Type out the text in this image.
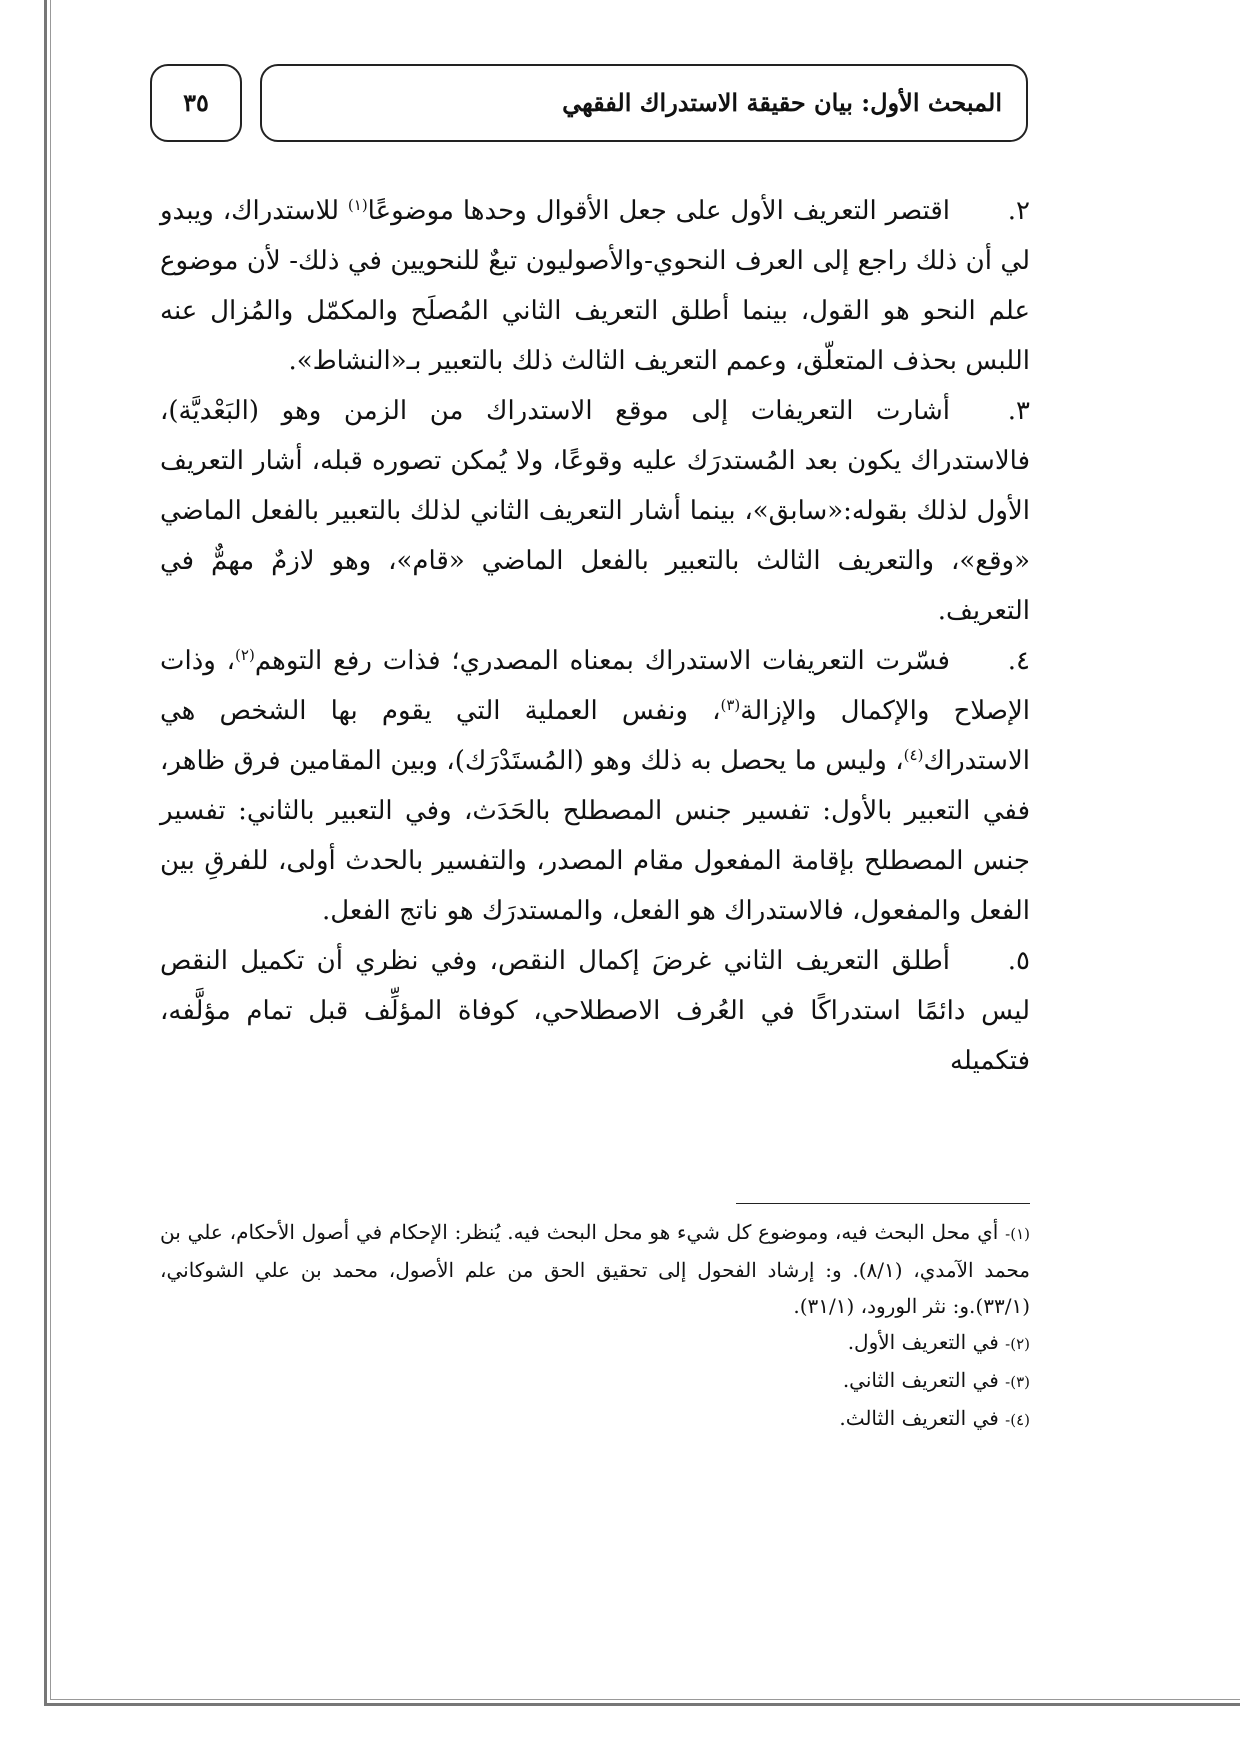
المبحث الأول: بيان حقيقة الاستدراك الفقهي
٣٥

٢.اقتصر التعريف الأول على جعل الأقوال وحدها موضوعًا$^{(١)}$ للاستدراك، ويبدو لي أن ذلك راجع إلى العرف النحوي-والأصوليون تبعٌ للنحويين في ذلك- لأن موضوع علم النحو هو القول، بينما أطلق التعريف الثاني المُصلَح والمكمّل والمُزال عنه اللبس بحذف المتعلّق، وعمم التعريف الثالث ذلك بالتعبير بـ«النشاط».

٣.أشارت التعريفات إلى موقع الاستدراك من الزمن وهو (البَعْديَّة)، فالاستدراك يكون بعد المُستدرَك عليه وقوعًا، ولا يُمكن تصوره قبله، أشار التعريف الأول لذلك بقوله:«سابق»، بينما أشار التعريف الثاني لذلك بالتعبير بالفعل الماضي «وقع»، والتعريف الثالث بالتعبير بالفعل الماضي «قام»، وهو لازمٌ مهمٌّ في التعريف.

٤.فسّرت التعريفات الاستدراك بمعناه المصدري؛ فذات رفع التوهم$^{(٢)}$، وذات الإصلاح والإكمال والإزالة$^{(٣)}$، ونفس العملية التي يقوم بها الشخص هي الاستدراك$^{(٤)}$، وليس ما يحصل به ذلك وهو (المُستَدْرَك)، وبين المقامين فرق ظاهر، ففي التعبير بالأول: تفسير جنس المصطلح بالحَدَث، وفي التعبير بالثاني: تفسير جنس المصطلح بإقامة المفعول مقام المصدر، والتفسير بالحدث أولى، للفرقِ بين الفعل والمفعول، فالاستدراك هو الفعل، والمستدرَك هو ناتج الفعل.

٥.أطلق التعريف الثاني غرضَ إكمال النقص، وفي نظري أن تكميل النقص ليس دائمًا استدراكًا في العُرف الاصطلاحي، كوفاة المؤلِّف قبل تمام مؤلَّفه، فتكميله

(١)- أي محل البحث فيه، وموضوع كل شيء هو محل البحث فيه. يُنظر: الإحكام في أصول الأحكام، علي بن محمد الآمدي، (٨/١). و: إرشاد الفحول إلى تحقيق الحق من علم الأصول، محمد بن علي الشوكاني، (٣٣/١).و: نثر الورود، (٣١/١).

(٢)- في التعريف الأول.

(٣)- في التعريف الثاني.

(٤)- في التعريف الثالث.
